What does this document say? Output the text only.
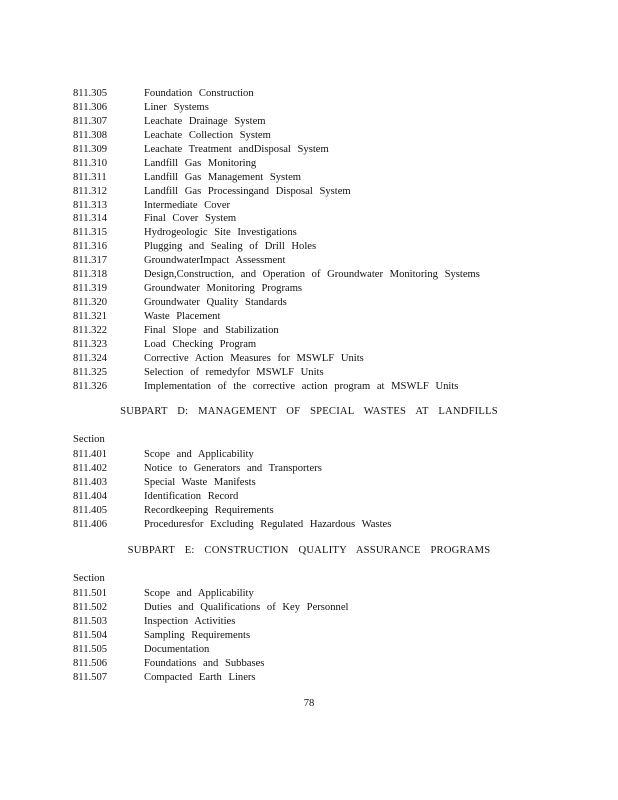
811.305	Foundation Construction
811.306	Liner Systems
811.307	Leachate Drainage System
811.308	Leachate Collection System
811.309	Leachate Treatment andDisposal System
811.310	Landfill Gas Monitoring
811.311	Landfill Gas Management System
811.312	Landfill Gas Processingand Disposal System
811.313	Intermediate Cover
811.314	Final Cover System
811.315	Hydrogeologic Site Investigations
811.316	Plugging and Sealing of Drill Holes
811.317	GroundwaterImpact Assessment
811.318	Design,Construction, and Operation of Groundwater Monitoring Systems
811.319	Groundwater Monitoring Programs
811.320	Groundwater Quality Standards
811.321	Waste Placement
811.322	Final Slope and Stabilization
811.323	Load Checking Program
811.324	Corrective Action Measures for MSWLF Units
811.325	Selection of remedyfor MSWLF Units
811.326	Implementation of the corrective action program at MSWLF Units
SUBPART D: MANAGEMENT OF SPECIAL WASTES AT LANDFILLS
Section
811.401	Scope and Applicability
811.402	Notice to Generators and Transporters
811.403	Special Waste Manifests
811.404	Identification Record
811.405	Recordkeeping Requirements
811.406	Proceduresfor Excluding Regulated Hazardous Wastes
SUBPART E: CONSTRUCTION QUALITY ASSURANCE PROGRAMS
Section
811.501	Scope and Applicability
811.502	Duties and Qualifications of Key Personnel
811.503	Inspection Activities
811.504	Sampling Requirements
811.505	Documentation
811.506	Foundations and Subbases
811.507	Compacted Earth Liners
78
